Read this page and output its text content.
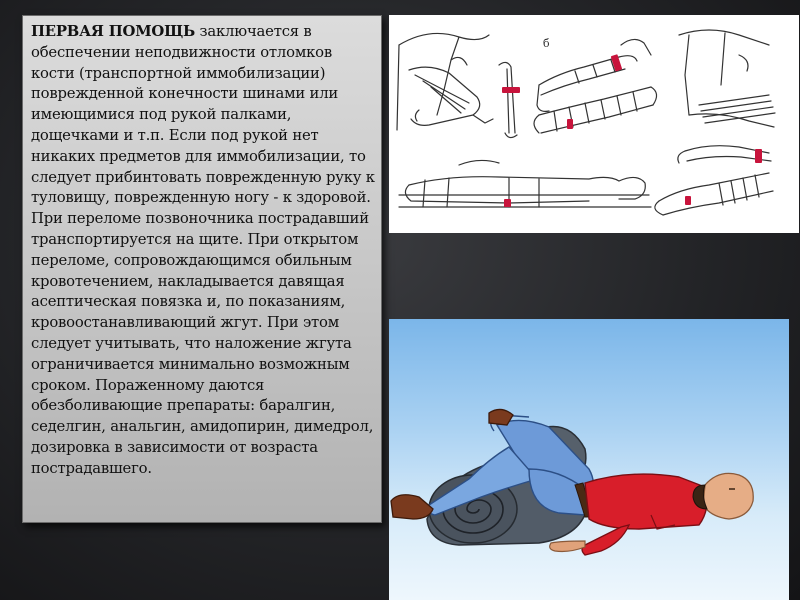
ПЕРВАЯ ПОМОЩЬ заключается в обеспечении неподвижности отломков кости (транспортной иммобилизации) поврежденной конечности шинами или имеющимися под рукой палками, дощечками и т.п. Если под рукой нет никаких предметов для иммобилизации, то следует прибинтовать поврежденную руку к туловищу, поврежденную ногу - к здоровой. При переломе позвоночника пострадавший транспортируется на щите. При открытом переломе, сопровождающимся обильным кровотечением, накладывается давящая асептическая повязка и, по показаниям, кровоостанавливающий жгут. При этом следует учитывать, что наложение жгута ограничивается минимально возможным сроком. Пораженному даются обезболивающие препараты: баралгин, седелгин, анальгин, амидопирин, димедрол, дозировка в зависимости от возраста пострадавшего.

б
